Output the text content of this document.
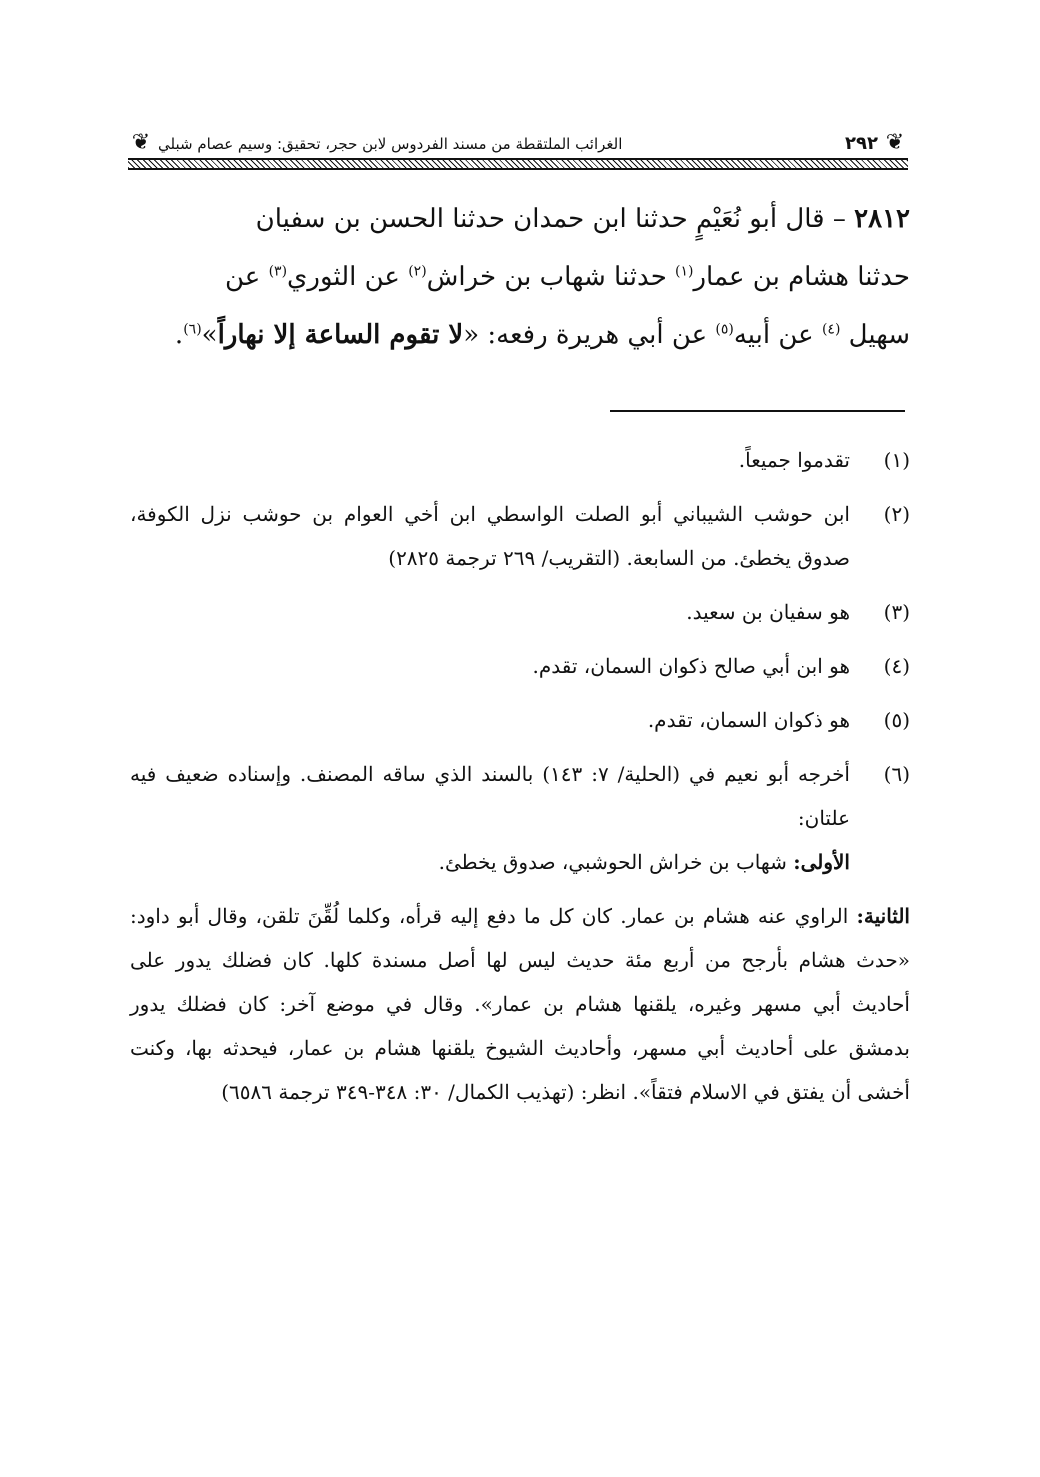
❦	❦
٢٩٢
الغرائب الملتقطة من مسند الفردوس لابن حجر، تحقيق: وسيم عصام شبلي

٢٨١٢ – قال أبو نُعَيْمٍ حدثنا ابن حمدان حدثنا الحسن بن سفيان

حدثنا هشام بن عمار$^{(١)}$ حدثنا شهاب بن خراش$^{(٢)}$ عن الثوري$^{(٣)}$ عن

سهيل $^{(٤)}$ عن أبيه$^{(٥)}$ عن أبي هريرة رفعه: «لا تقوم الساعة إلا نهاراً»$^{(٦)}$.

(١)
تقدموا جميعاً.
(٢)
ابن حوشب الشيباني أبو الصلت الواسطي ابن أخي العوام بن حوشب نزل الكوفة، صدوق يخطئ. من السابعة. (التقريب/ ٢٦٩ ترجمة ٢٨٢٥)
(٣)
هو سفيان بن سعيد.
(٤)
هو ابن أبي صالح ذكوان السمان، تقدم.
(٥)
هو ذكوان السمان، تقدم.
(٦)

أخرجه أبو نعيم في (الحلية/ ٧: ١٤٣) بالسند الذي ساقه المصنف. وإسناده ضعيف فيه علتان:

الأولى: شهاب بن خراش الحوشبي، صدوق يخطئ.

الثانية: الراوي عنه هشام بن عمار. كان كل ما دفع إليه قرأه، وكلما لُقِّنَ تلقن، وقال أبو داود: «حدث هشام بأرجح من أربع مئة حديث ليس لها أصل مسندة كلها. كان فضلك يدور على أحاديث أبي مسهر وغيره، يلقنها هشام بن عمار». وقال في موضع آخر: كان فضلك يدور بدمشق على أحاديث أبي مسهر، وأحاديث الشيوخ يلقنها هشام بن عمار، فيحدثه بها، وكنت أخشى أن يفتق في الاسلام فتقاً». انظر: (تهذيب الكمال/ ٣٠: ٣٤٨-٣٤٩ ترجمة ٦٥٨٦)
